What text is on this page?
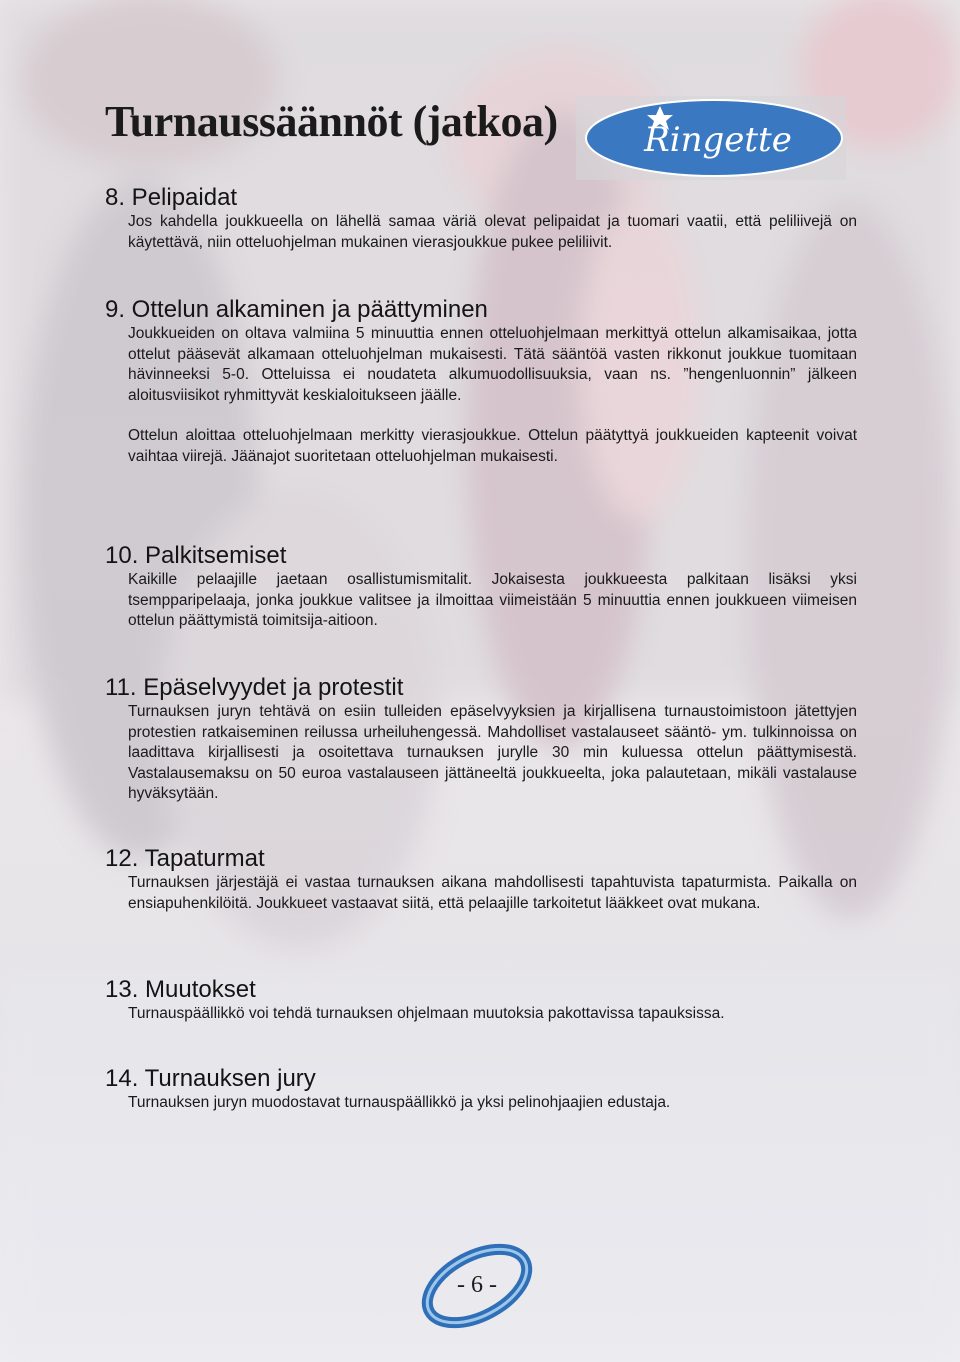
Turnaussäännöt (jatkoa)	Ringette
8. Pelipaidat

Jos kahdella joukkueella on lähellä samaa väriä olevat pelipaidat ja tuomari vaatii, että peliliivejä on käytettävä, niin otteluohjelman mukainen vierasjoukkue pukee peliliivit.

9. Ottelun alkaminen ja päättyminen

Joukkueiden on oltava valmiina 5 minuuttia ennen otteluohjelmaan merkittyä ottelun alkamisaikaa, jotta ottelut pääsevät alkamaan otteluohjelman mukaisesti. Tätä sääntöä vasten rikkonut joukkue tuomitaan hävinneeksi 5-0. Otteluissa ei noudateta alkumuodollisuuksia, vaan ns. ”hengenluonnin” jälkeen aloitusviisikot ryhmittyvät keskialoitukseen jäälle.

Ottelun aloittaa otteluohjelmaan merkitty vierasjoukkue. Ottelun päätyttyä joukkueiden kapteenit voivat vaihtaa viirejä. Jäänajot suoritetaan otteluohjelman mukaisesti.

10. Palkitsemiset

Kaikille pelaajille jaetaan osallistumismitalit. Jokaisesta joukkueesta palkitaan lisäksi yksi tsempparipelaaja, jonka joukkue valitsee ja ilmoittaa viimeistään 5 minuuttia ennen joukkueen viimeisen ottelun päättymistä toimitsija-aitioon.

11. Epäselvyydet ja protestit

Turnauksen juryn tehtävä on esiin tulleiden epäselvyyksien ja kirjallisena turnaustoimistoon jätettyjen protestien ratkaiseminen reilussa urheiluhengessä. Mahdolliset vastalauseet sääntö- ym. tulkinnoissa on laadittava kirjallisesti ja osoitettava turnauksen jurylle 30 min kuluessa ottelun päättymisestä. Vastalausemaksu on 50 euroa vastalauseen jättäneeltä joukkueelta, joka palautetaan, mikäli vastalause hyväksytään.

12. Tapaturmat

Turnauksen järjestäjä ei vastaa turnauksen aikana mahdollisesti tapahtuvista tapaturmista. Paikalla on ensiapuhenkilöitä. Joukkueet vastaavat siitä, että pelaajille tarkoitetut lääkkeet ovat mukana.

13. Muutokset

Turnauspäällikkö voi tehdä turnauksen ohjelmaan muutoksia pakottavissa tapauksissa.

14. Turnauksen jury

Turnauksen juryn muodostavat turnauspäällikkö ja yksi pelinohjaajien edustaja.

- 6 -
